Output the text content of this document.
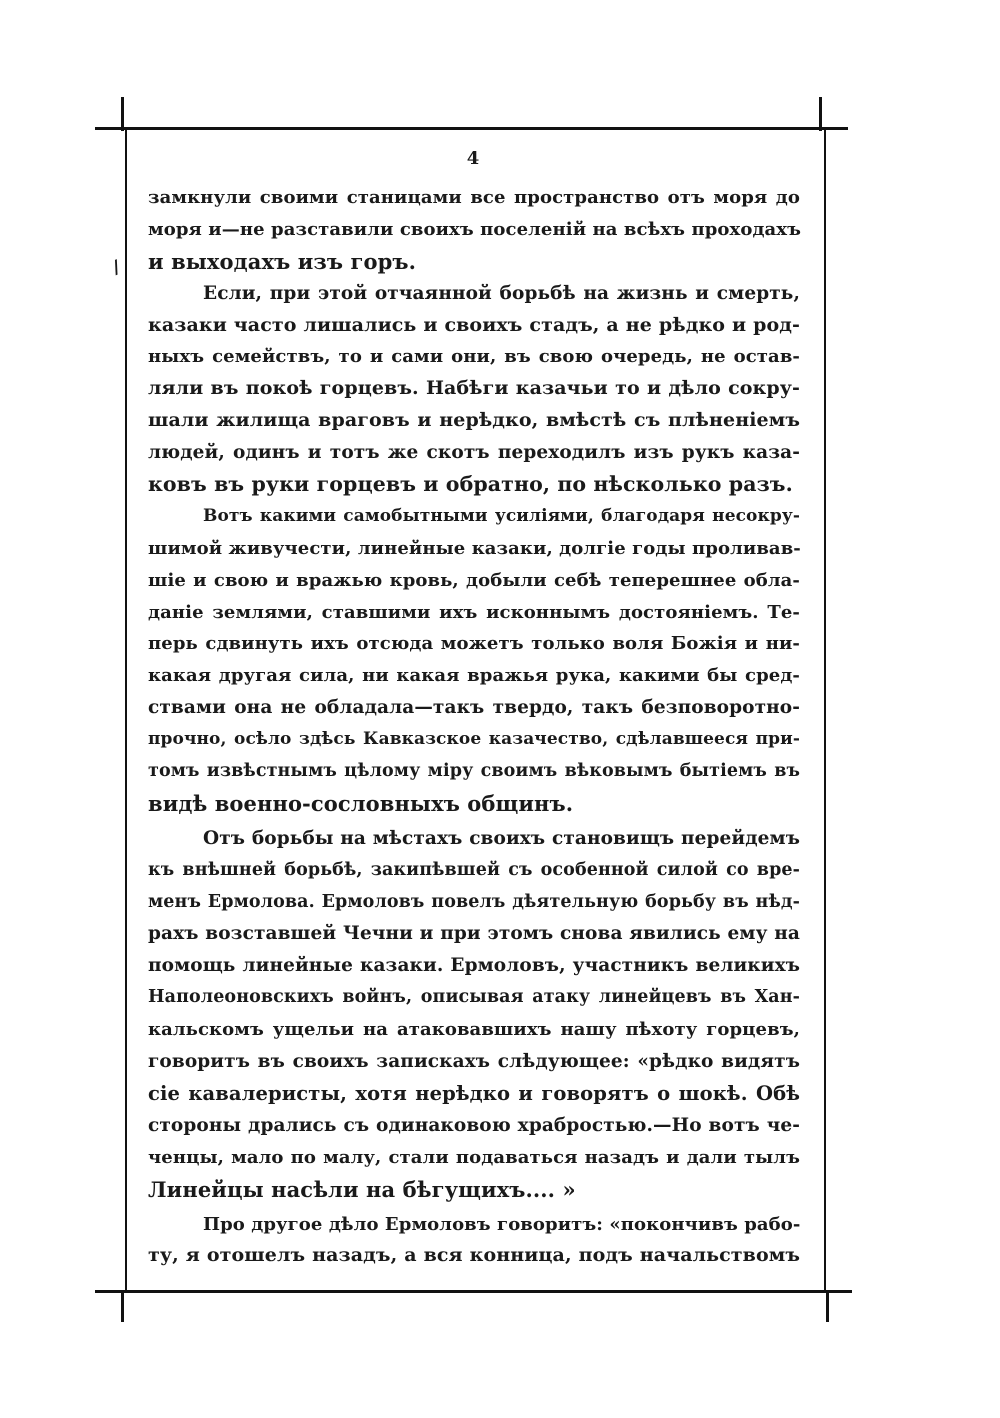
4
/
замкнули своими станицами все пространство отъ моря до
моря и—не разставили своихъ поселеній на всѣхъ проходахъ
и выходахъ изъ горъ.
Если, при этой отчаянной борьбѣ на жизнь и смерть,
казаки часто лишались и своихъ стадъ, а не рѣдко и род-
ныхъ семействъ, то и сами они, въ свою очередь, не остав-
ляли въ покоѣ горцевъ. Набѣги казачьи то и дѣло сокру-
шали жилища враговъ и нерѣдко, вмѣстѣ съ плѣненіемъ
людей, одинъ и тотъ же скотъ переходилъ изъ рукъ каза-
ковъ въ руки горцевъ и обратно, по нѣсколько разъ.
Вотъ какими самобытными усиліями, благодаря несокру-
шимой живучести, линейные казаки, долгіе годы проливав-
шіе и свою и вражью кровь, добыли себѣ теперешнее обла-
даніе землями, ставшими ихъ исконнымъ достояніемъ. Те-
перь сдвинуть ихъ отсюда можетъ только воля Божія и ни-
какая другая сила, ни какая вражья рука, какими бы сред-
ствами она не обладала—такъ твердо, такъ безповоротно-
прочно, осѣло здѣсь Кавказское казачество, сдѣлавшееся при-
томъ извѣстнымъ цѣлому міру своимъ вѣковымъ бытіемъ въ
видѣ военно-сословныхъ общинъ.
Отъ борьбы на мѣстахъ своихъ становищъ перейдемъ
къ внѣшней борьбѣ, закипѣвшей съ особенной силой со вре-
менъ Ермолова. Ермоловъ повелъ дѣятельную борьбу въ нѣд-
рахъ возставшей Чечни и при этомъ снова явились ему на
помощь линейные казаки. Ермоловъ, участникъ великихъ
Наполеоновскихъ войнъ, описывая атаку линейцевъ въ Хан-
кальскомъ ущельи на атаковавшихъ нашу пѣхоту горцевъ,
говоритъ въ своихъ запискахъ слѣдующее: «рѣдко видятъ
сіе кавалеристы, хотя нерѣдко и говорятъ о шокѣ. Обѣ
стороны дрались съ одинаковою храбростью.—Но вотъ че-
ченцы, мало по малу, стали подаваться назадъ и дали тылъ
Линейцы насѣли на бѣгущихъ.... »
Про другое дѣло Ермоловъ говоритъ: «покончивъ рабо-
ту, я отошелъ назадъ, а вся конница, подъ начальствомъ
